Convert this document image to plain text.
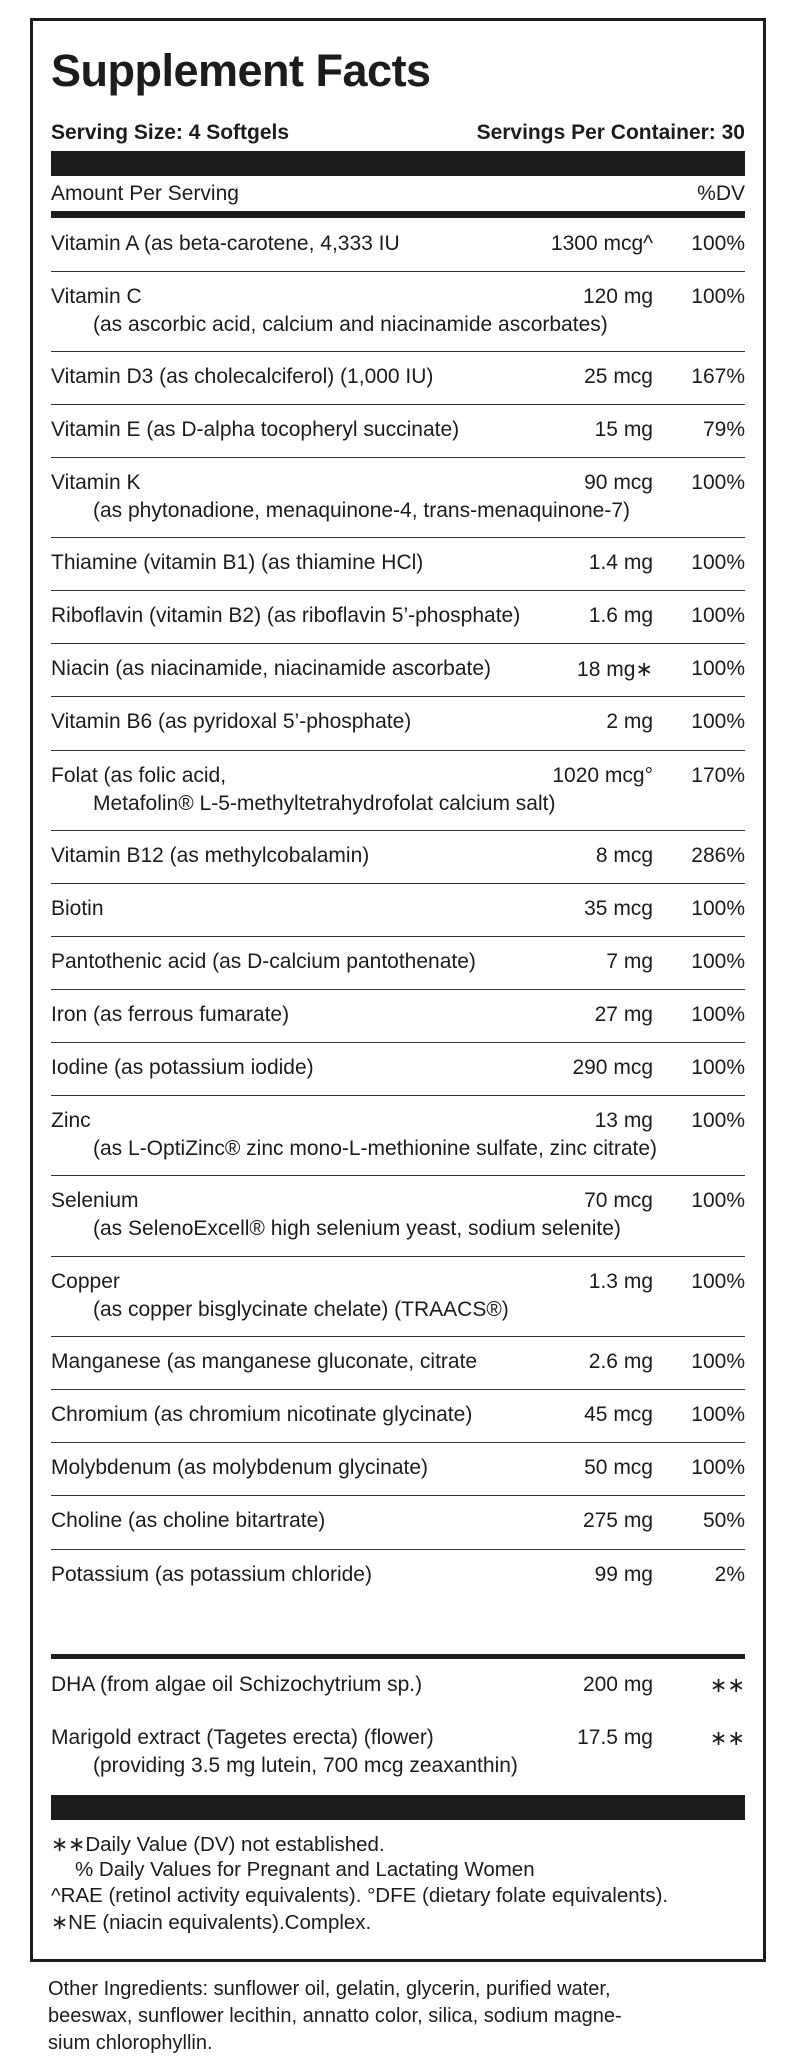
Supplement Facts
Serving Size: 4 Softgels	Servings Per Container: 30
Amount Per Serving	%DV
Vitamin A (as beta-carotene, 4,333 IU	1300 mcg^ 100%
Vitamin C	120 mg 100%
(as ascorbic acid, calcium and niacinamide ascorbates)
Vitamin D3 (as cholecalciferol) (1,000 IU)	25 mcg 167%
Vitamin E (as D-alpha tocopheryl succinate)	15 mg 79%
Vitamin K	90 mcg 100%
(as phytonadione, menaquinone-4, trans-menaquinone-7)
Thiamine (vitamin B1) (as thiamine HCl)	1.4 mg 100%
Riboflavin (vitamin B2) (as riboflavin 5’-phosphate)	1.6 mg 100%
Niacin (as niacinamide, niacinamide ascorbate)	18 mg∗ 100%
Vitamin B6 (as pyridoxal 5’-phosphate)	2 mg 100%
Folat (as folic acid,	1020 mcg° 170%
Metafolin® L-5-methyltetrahydrofolat calcium salt)
Vitamin B12 (as methylcobalamin)	8 mcg 286%
Biotin	35 mcg 100%
Pantothenic acid (as D-calcium pantothenate)	7 mg 100%
Iron (as ferrous fumarate)	27 mg 100%
Iodine (as potassium iodide)	290 mcg 100%
Zinc	13 mg 100%
(as L-OptiZinc® zinc mono-L-methionine sulfate, zinc citrate)
Selenium	70 mcg 100%
(as SelenoExcell® high selenium yeast, sodium selenite)
Copper	1.3 mg 100%
(as copper bisglycinate chelate) (TRAACS®)
Manganese (as manganese gluconate, citrate	2.6 mg 100%
Chromium (as chromium nicotinate glycinate)	45 mcg 100%
Molybdenum (as molybdenum glycinate)	50 mcg 100%
Choline (as choline bitartrate)	275 mg 50%
Potassium (as potassium chloride)	99 mg	2%
DHA (from algae oil Schizochytrium sp.)	200 mg	∗∗
Marigold extract (Tagetes erecta) (flower)	17.5 mg	∗∗
(providing 3.5 mg lutein, 700 mcg zeaxanthin)
∗∗Daily Value (DV) not established.
% Daily Values for Pregnant and Lactating Women
^RAE (retinol activity equivalents). °DFE (dietary folate equivalents).
∗NE (niacin equivalents).Complex.
Other Ingredients: sunflower oil, gelatin, glycerin, purified water,
beeswax, sunflower lecithin, annatto color, silica, sodium magne-
sium chlorophyllin.
